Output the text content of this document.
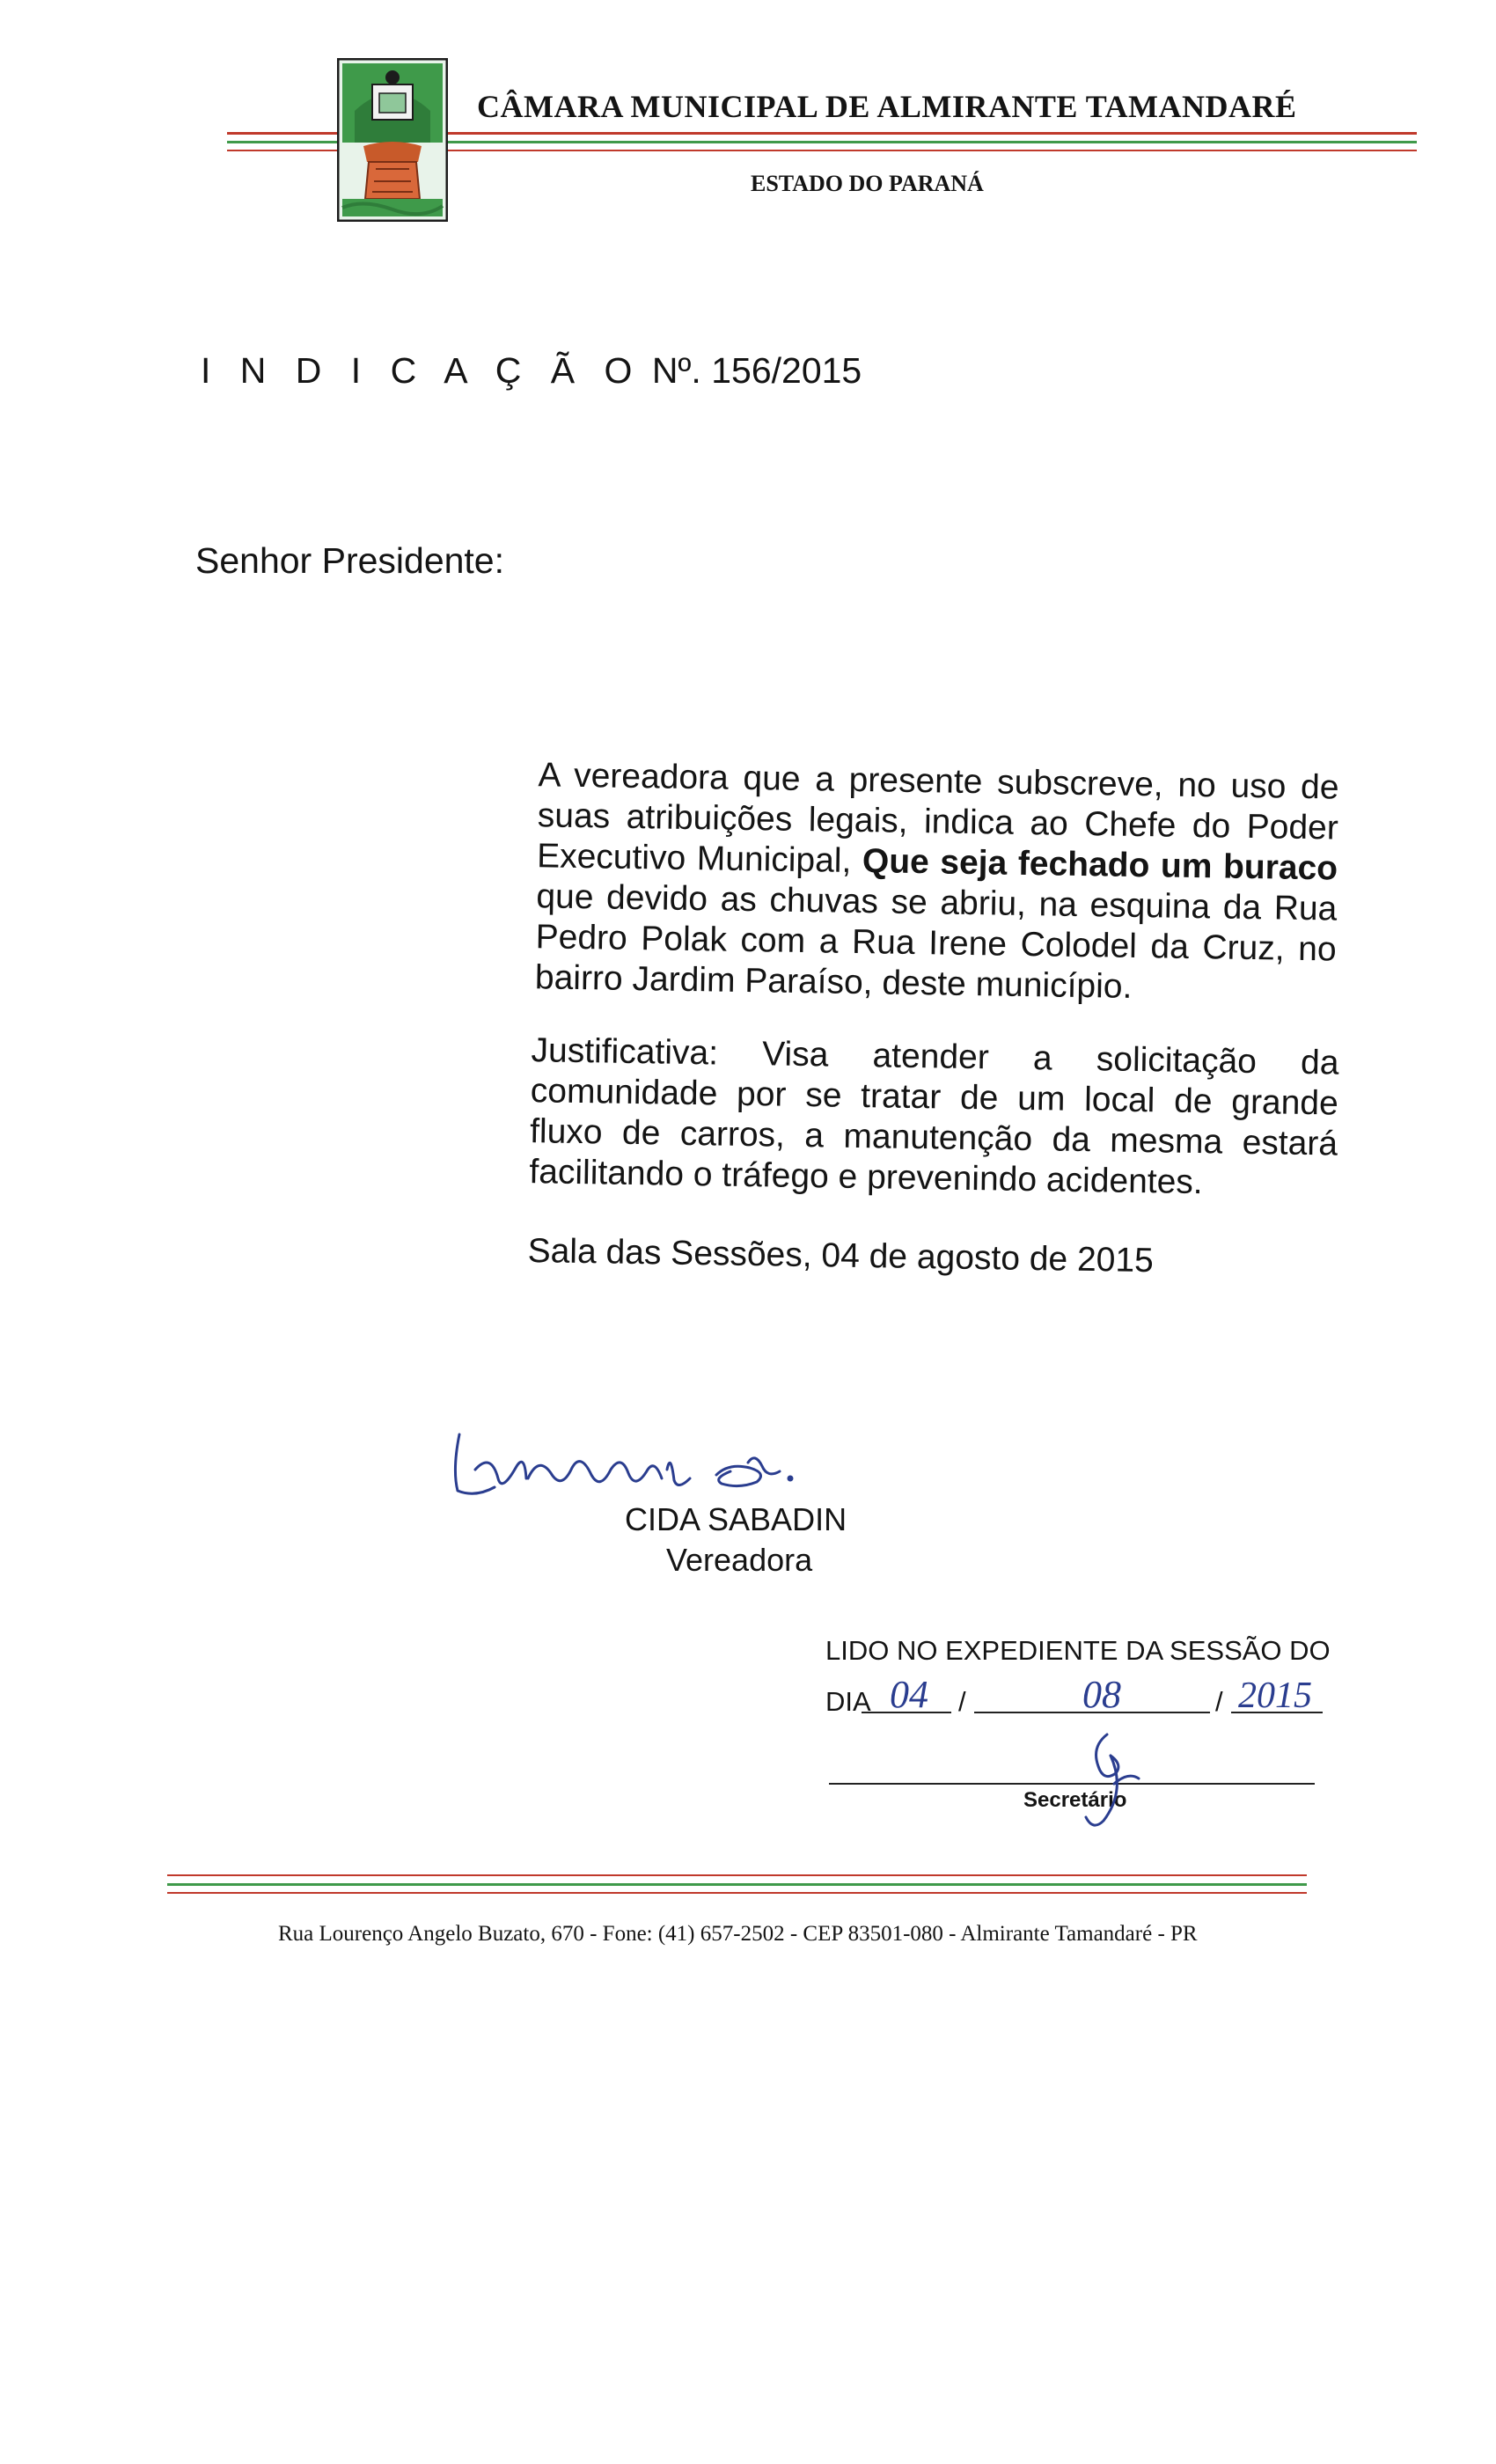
CÂMARA MUNICIPAL DE ALMIRANTE TAMANDARÉ
ESTADO DO PARANÁ
I N D I C A Ç Ã O Nº. 156/2015
Senhor Presidente:

A vereadora que a presente subscreve, no uso de suas atribuições legais, indica ao Chefe do Poder Executivo Municipal, Que seja fechado um buraco que devido as chuvas se abriu, na esquina da Rua Pedro Polak com a Rua Irene Colodel da Cruz, no bairro Jardim Paraíso, deste município.

Justificativa: Visa atender a solicitação da comunidade por se tratar de um local de grande fluxo de carros, a manutenção da mesma estará facilitando o tráfego e prevenindo acidentes.

Sala das Sessões, 04 de agosto de 2015
CIDA SABADIN
Vereadora
LIDO NO EXPEDIENTE DA SESSÃO DO
DIA	/	/
04	08	2015
Secretário
Rua Lourenço Angelo Buzato, 670 - Fone: (41) 657-2502 - CEP 83501-080 - Almirante Tamandaré - PR
